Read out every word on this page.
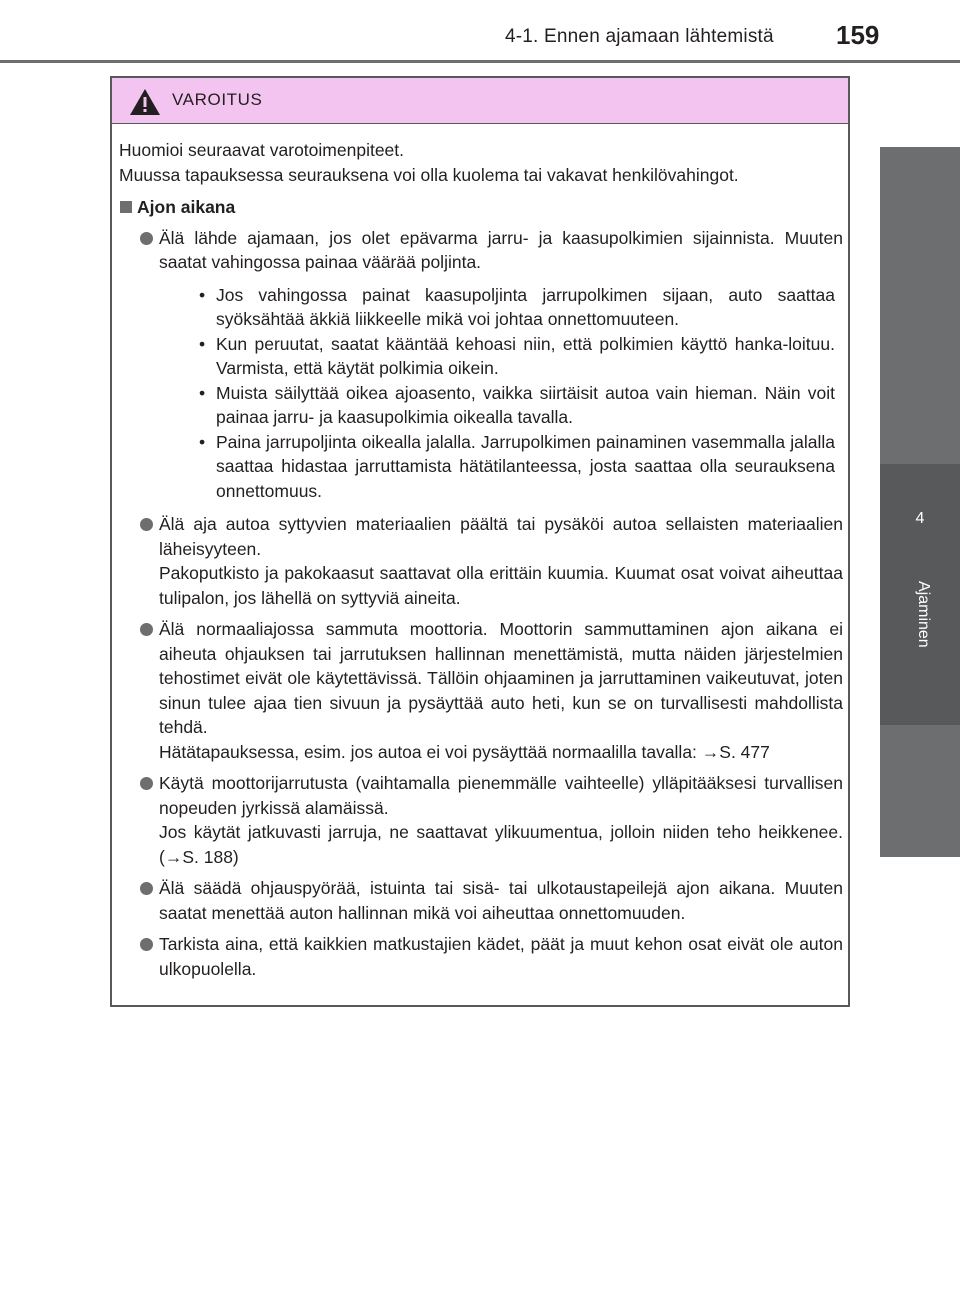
4-1. Ennen ajamaan lähtemistä 159
4
Ajaminen
VAROITUS

Huomioi seuraavat varotoimenpiteet.

Muussa tapauksessa seurauksena voi olla kuolema tai vakavat henkilövahingot.

Ajon aikana

Älä lähde ajamaan, jos olet epävarma jarru- ja kaasupolkimien sijainnista. Muuten saatat vahingossa painaa väärää poljinta.

• Jos vahingossa painat kaasupoljinta jarrupolkimen sijaan, auto saattaa syöksähtää äkkiä liikkeelle mikä voi johtaa onnettomuuteen.
• Kun peruutat, saatat kääntää kehoasi niin, että polkimien käyttö hanka-loituu. Varmista, että käytät polkimia oikein.
• Muista säilyttää oikea ajoasento, vaikka siirtäisit autoa vain hieman. Näin voit painaa jarru- ja kaasupolkimia oikealla tavalla.
• Paina jarrupoljinta oikealla jalalla. Jarrupolkimen painaminen vasemmalla jalalla saattaa hidastaa jarruttamista hätätilanteessa, josta saattaa olla seurauksena onnettomuus.

Älä aja autoa syttyvien materiaalien päältä tai pysäköi autoa sellaisten materiaalien läheisyyteen.

Pakoputkisto ja pakokaasut saattavat olla erittäin kuumia. Kuumat osat voivat aiheuttaa tulipalon, jos lähellä on syttyviä aineita.

Älä normaaliajossa sammuta moottoria. Moottorin sammuttaminen ajon aikana ei aiheuta ohjauksen tai jarrutuksen hallinnan menettämistä, mutta näiden järjestelmien tehostimet eivät ole käytettävissä. Tällöin ohjaaminen ja jarruttaminen vaikeutuvat, joten sinun tulee ajaa tien sivuun ja pysäyttää auto heti, kun se on turvallisesti mahdollista tehdä.

Hätätapauksessa, esim. jos autoa ei voi pysäyttää normaalilla tavalla: →S. 477

Käytä moottorijarrutusta (vaihtamalla pienemmälle vaihteelle) ylläpitääksesi turvallisen nopeuden jyrkissä alamäissä.

Jos käytät jatkuvasti jarruja, ne saattavat ylikuumentua, jolloin niiden teho heikkenee. (→S. 188)

Älä säädä ohjauspyörää, istuinta tai sisä- tai ulkotaustapeilejä ajon aikana. Muuten saatat menettää auton hallinnan mikä voi aiheuttaa onnettomuuden.

Tarkista aina, että kaikkien matkustajien kädet, päät ja muut kehon osat eivät ole auton ulkopuolella.
